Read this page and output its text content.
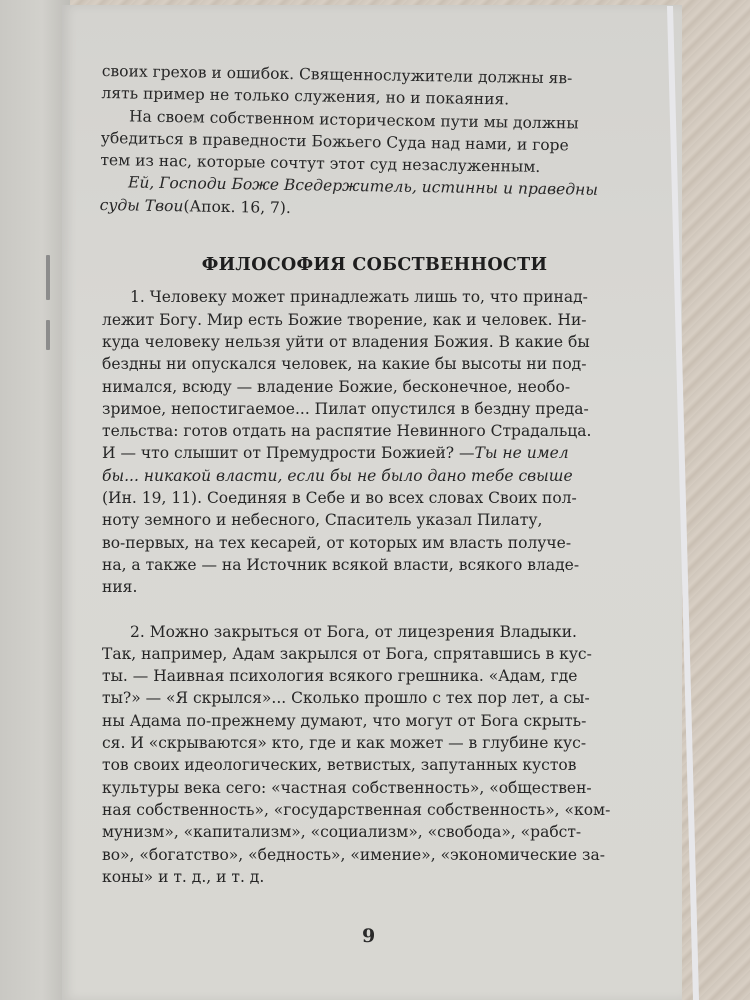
своих грехов и ошибок. Священнослужители должны яв-
лять пример не только служения, но и покаяния.
На своем собственном историческом пути мы должны
убедиться в праведности Божьего Суда над нами, и горе
тем из нас, которые сочтут этот суд незаслуженным.
Ей, Господи Боже Вседержитель, истинны и праведны
суды Твои (Апок. 16, 7).
ФИЛОСОФИЯ СОБСТВЕННОСТИ
1. Человеку может принадлежать лишь то, что принад-
лежит Богу. Мир есть Божие творение, как и человек. Ни-
куда человеку нельзя уйти от владения Божия. В какие бы
бездны ни опускался человек, на какие бы высоты ни под-
нимался, всюду — владение Божие, бесконечное, необо-
зримое, непостигаемое... Пилат опустился в бездну преда-
тельства: готов отдать на распятие Невинного Страдальца.
И — что слышит от Премудрости Божией? — Ты не имел
бы... никакой власти, если бы не было дано тебе свыше
(Ин. 19, 11). Соединяя в Себе и во всех словах Своих пол-
ноту земного и небесного, Спаситель указал Пилату,
во-первых, на тех кесарей, от которых им власть получе-
на, а также — на Источник всякой власти, всякого владе-
ния.
2. Можно закрыться от Бога, от лицезрения Владыки.
Так, например, Адам закрылся от Бога, спрятавшись в кус-
ты. — Наивная психология всякого грешника. «Адам, где
ты?» — «Я скрылся»... Сколько прошло с тех пор лет, а сы-
ны Адама по-прежнему думают, что могут от Бога скрыть-
ся. И «скрываются» кто, где и как может — в глубине кус-
тов своих идеологических, ветвистых, запутанных кустов
культуры века сего: «частная собственность», «обществен-
ная собственность», «государственная собственность», «ком-
мунизм», «капитализм», «социализм», «свобода», «рабст-
во», «богатство», «бедность», «имение», «экономические за-
коны» и т. д., и т. д.
9
